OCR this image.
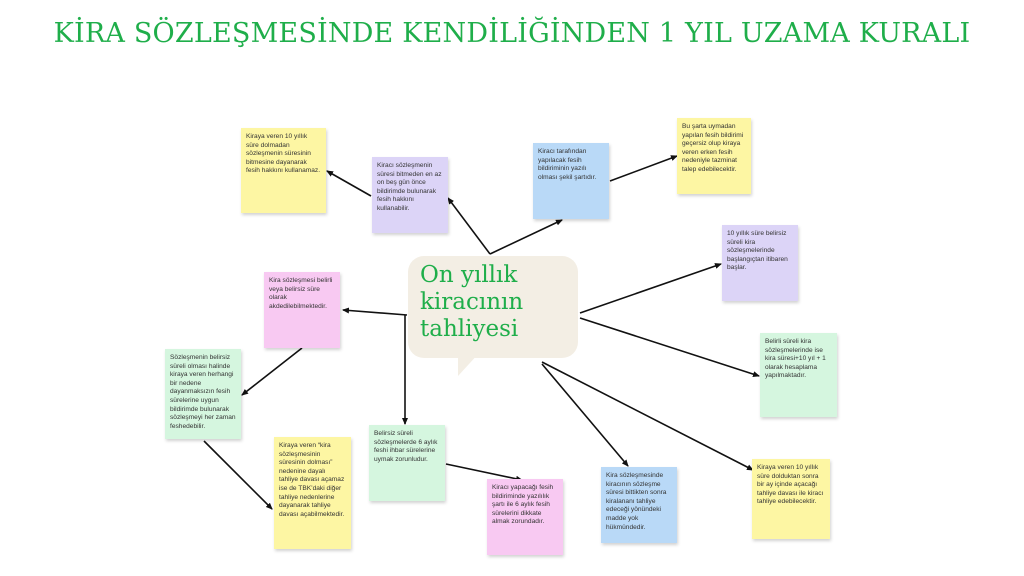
KİRA SÖZLEŞMESİNDE KENDİLİĞİNDEN 1 YIL UZAMA KURALI
On yıllık
kiracının
tahliyesi
Kiraya veren 10 yıllık süre dolmadan sözleşmenin süresinin bitmesine dayanarak fesih hakkını kullanamaz.
Kiracı sözleşmenin süresi bitmeden en az on beş gün önce bildirimde bulunarak fesih hakkını kullanabilir.
Kiracı tarafından yapılacak fesih bildiriminin yazılı olması şekil şartıdır.
Bu şarta uymadan yapılan fesih bildirimi geçersiz olup kiraya veren erken fesih nedeniyle tazminat talep edebilecektir.
10 yıllık süre belirsiz süreli kira sözleşmelerinde başlangıçtan itibaren başlar.
Belirli süreli kira sözleşmelerinde ise kira süresi+10 yıl + 1 olarak hesaplama yapılmaktadır.
Kiraya veren 10 yıllık süre dolduktan sonra bir ay içinde açacağı tahliye davası ile kiracı tahliye edebilecektir.
Kira sözleşmesinde kiracının sözleşme süresi bittikten sonra kiralananı tahliye edeceği yönündeki madde yok hükmündedir.
Kiracı yapacağı fesih bildiriminde yazılılık şartı ile 6 aylık fesih sürelerini dikkate almak zorundadır.
Belirsiz süreli sözleşmelerde 6 aylık feshi ihbar sürelerine uymak zorunludur.
Kiraya veren “kira sözleşmesinin süresinin dolması” nedenine dayalı tahliye davası açamaz ise de TBK’daki diğer tahliye nedenlerine dayanarak tahliye davası açabilmektedir.
Sözleşmenin belirsiz süreli olması halinde kiraya veren herhangi bir nedene dayanmaksızın fesih sürelerine uygun bildirimde bulunarak sözleşmeyi her zaman feshedebilir.
Kira sözleşmesi belirli veya belirsiz süre olarak akdedilebilmektedir.
